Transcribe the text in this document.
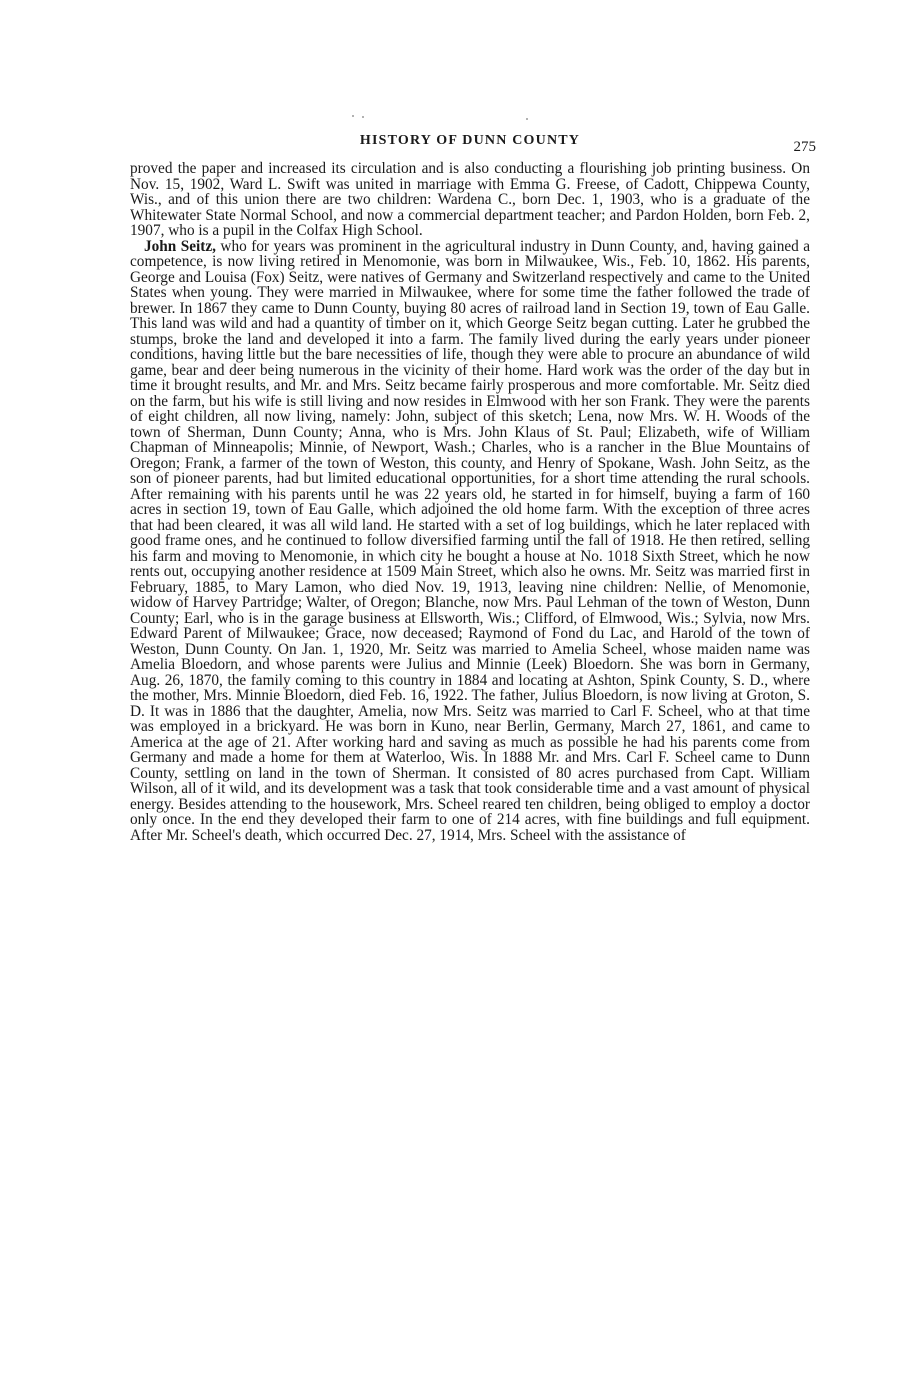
HISTORY OF DUNN COUNTY	275

proved the paper and increased its circulation and is also conducting a flourishing job printing business. On Nov. 15, 1902, Ward L. Swift was united in marriage with Emma G. Freese, of Cadott, Chippewa County, Wis., and of this union there are two children: Wardena C., born Dec. 1, 1903, who is a graduate of the Whitewater State Normal School, and now a commercial department teacher; and Pardon Holden, born Feb. 2, 1907, who is a pupil in the Colfax High School.

John Seitz, who for years was prominent in the agricultural industry in Dunn County, and, having gained a competence, is now living retired in Menomonie, was born in Milwaukee, Wis., Feb. 10, 1862. His parents, George and Louisa (Fox) Seitz, were natives of Germany and Switzerland respectively and came to the United States when young. They were married in Milwaukee, where for some time the father followed the trade of brewer. In 1867 they came to Dunn County, buying 80 acres of railroad land in Section 19, town of Eau Galle. This land was wild and had a quantity of timber on it, which George Seitz began cutting. Later he grubbed the stumps, broke the land and developed it into a farm. The family lived during the early years under pioneer conditions, having little but the bare necessities of life, though they were able to procure an abundance of wild game, bear and deer being numerous in the vicinity of their home. Hard work was the order of the day but in time it brought results, and Mr. and Mrs. Seitz became fairly prosperous and more comfortable. Mr. Seitz died on the farm, but his wife is still living and now resides in Elmwood with her son Frank. They were the parents of eight children, all now living, namely: John, subject of this sketch; Lena, now Mrs. W. H. Woods of the town of Sherman, Dunn County; Anna, who is Mrs. John Klaus of St. Paul; Elizabeth, wife of William Chapman of Minneapolis; Minnie, of Newport, Wash.; Charles, who is a rancher in the Blue Mountains of Oregon; Frank, a farmer of the town of Weston, this county, and Henry of Spokane, Wash. John Seitz, as the son of pioneer parents, had but limited educational opportunities, for a short time attending the rural schools. After remaining with his parents until he was 22 years old, he started in for himself, buying a farm of 160 acres in section 19, town of Eau Galle, which adjoined the old home farm. With the exception of three acres that had been cleared, it was all wild land. He started with a set of log buildings, which he later replaced with good frame ones, and he continued to follow diversified farming until the fall of 1918. He then retired, selling his farm and moving to Menomonie, in which city he bought a house at No. 1018 Sixth Street, which he now rents out, occupying another residence at 1509 Main Street, which also he owns. Mr. Seitz was married first in February, 1885, to Mary Lamon, who died Nov. 19, 1913, leaving nine children: Nellie, of Menomonie, widow of Harvey Partridge; Walter, of Oregon; Blanche, now Mrs. Paul Lehman of the town of Weston, Dunn County; Earl, who is in the garage business at Ellsworth, Wis.; Clifford, of Elmwood, Wis.; Sylvia, now Mrs. Edward Parent of Milwaukee; Grace, now deceased; Raymond of Fond du Lac, and Harold of the town of Weston, Dunn County. On Jan. 1, 1920, Mr. Seitz was married to Amelia Scheel, whose maiden name was Amelia Bloedorn, and whose parents were Julius and Minnie (Leek) Bloedorn. She was born in Germany, Aug. 26, 1870, the family coming to this country in 1884 and locating at Ashton, Spink County, S. D., where the mother, Mrs. Minnie Bloedorn, died Feb. 16, 1922. The father, Julius Bloedorn, is now living at Groton, S. D. It was in 1886 that the daughter, Amelia, now Mrs. Seitz was married to Carl F. Scheel, who at that time was employed in a brickyard. He was born in Kuno, near Berlin, Germany, March 27, 1861, and came to America at the age of 21. After working hard and saving as much as possible he had his parents come from Germany and made a home for them at Waterloo, Wis. In 1888 Mr. and Mrs. Carl F. Scheel came to Dunn County, settling on land in the town of Sherman. It consisted of 80 acres purchased from Capt. William Wilson, all of it wild, and its development was a task that took considerable time and a vast amount of physical energy. Besides attending to the housework, Mrs. Scheel reared ten children, being obliged to employ a doctor only once. In the end they developed their farm to one of 214 acres, with fine buildings and full equipment. After Mr. Scheel's death, which occurred Dec. 27, 1914, Mrs. Scheel with the assistance of
